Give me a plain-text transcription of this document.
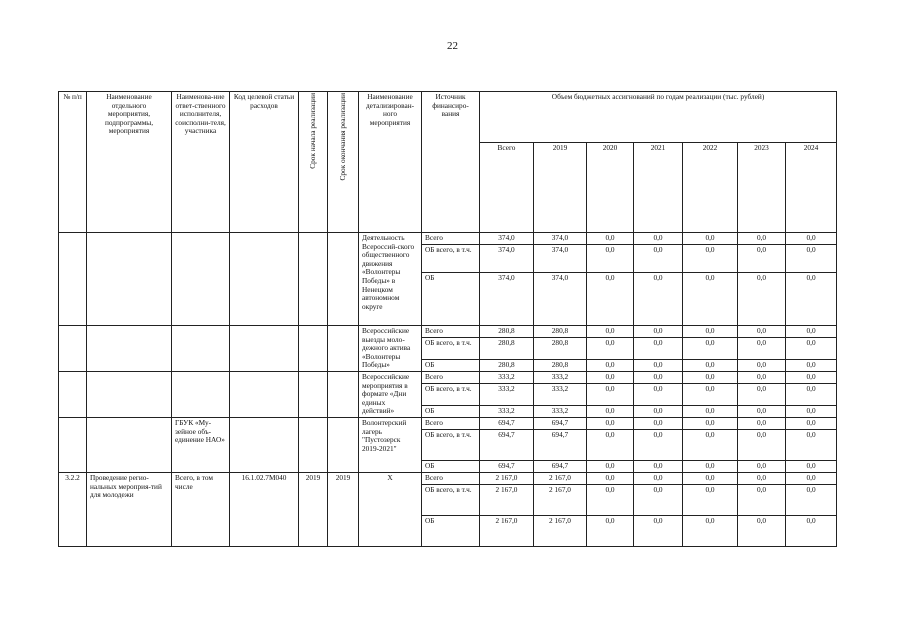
22
№ п/п	Наименование отдельного мероприятия, подпрограммы, мероприятия	Наименова-ние ответ-ственного исполнителя, соисполни-теля, участника	Код целевой статьи расходов	Срок начала реализации	Срок окончания реализации	Наименование детализирован-ного мероприятия	Источник финансиро-вания	Объем бюджетных ассигнований по годам реализации (тыс. рублей)						
								Всего	2019	2020	2021	2022	2023	2024
						Деятельность Всероссий-ского общественного движения «Волонтеры Победы» в Ненецком автономном округе	Всего	374,0	374,0	0,0	0,0	0,0	0,0	0,0
							ОБ всего, в т.ч.	374,0	374,0	0,0	0,0	0,0	0,0	0,0
							ОБ	374,0	374,0	0,0	0,0	0,0	0,0	0,0
						Всероссийские выезды моло-дежного актива «Волонтеры Победы»	Всего	280,8	280,8	0,0	0,0	0,0	0,0	0,0
							ОБ всего, в т.ч.	280,8	280,8	0,0	0,0	0,0	0,0	0,0
							ОБ	280,8	280,8	0,0	0,0	0,0	0,0	0,0
						Всероссийские мероприятия в формате «Дни единых действий»	Всего	333,2	333,2	0,0	0,0	0,0	0,0	0,0
							ОБ всего, в т.ч.	333,2	333,2	0,0	0,0	0,0	0,0	0,0
							ОБ	333,2	333,2	0,0	0,0	0,0	0,0	0,0
		ГБУК «Му-зейное объ-единение НАО»				Волонтерский лагерь "Пустозерск 2019-2021"	Всего	694,7	694,7	0,0	0,0	0,0	0,0	0,0
							ОБ всего, в т.ч.	694,7	694,7	0,0	0,0	0,0	0,0	0,0
							ОБ	694,7	694,7	0,0	0,0	0,0	0,0	0,0
3.2.2	Проведение регио-нальных мероприя-тий для молодежи	Всего, в том числе	16.1.02.7М040	2019	2019	X	Всего	2 167,0	2 167,0	0,0	0,0	0,0	0,0	0,0
							ОБ всего, в т.ч.	2 167,0	2 167,0	0,0	0,0	0,0	0,0	0,0
							ОБ	2 167,0	2 167,0	0,0	0,0	0,0	0,0	0,0
